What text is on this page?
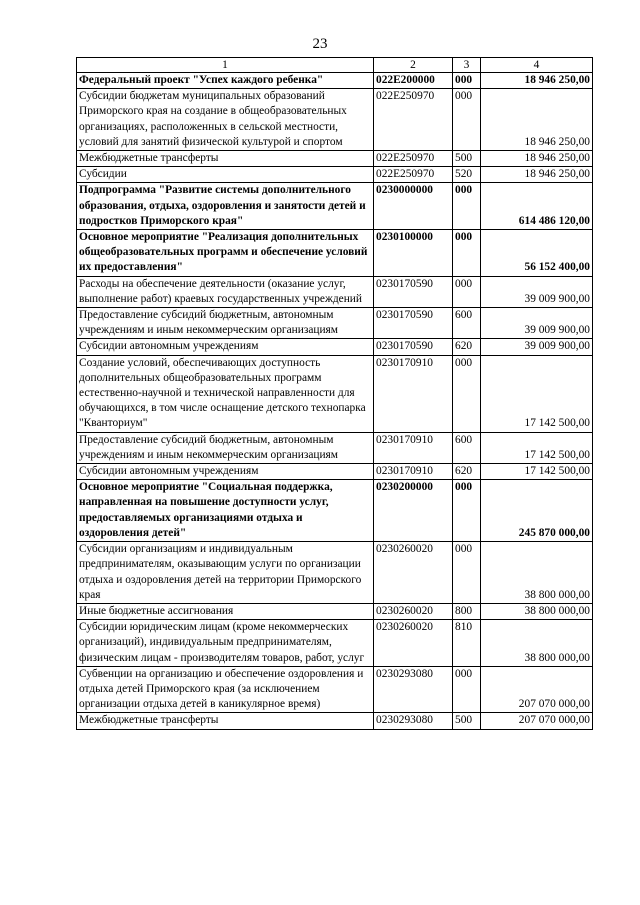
23
1	2	3	4
Федеральный проект "Успех каждого ребенка"	022E200000	000	18 946 250,00
Субсидии бюджетам муниципальных образований Приморского края на создание в общеобразовательных организациях, расположенных в сельской местности, условий для занятий физической культурой и спортом	022E250970	000	18 946 250,00
Межбюджетные трансферты	022E250970	500	18 946 250,00
Субсидии	022E250970	520	18 946 250,00
Подпрограмма "Развитие системы дополнительного образования, отдыха, оздоровления и занятости детей и подростков Приморского края"	0230000000	000	614 486 120,00
Основное мероприятие "Реализация дополнительных общеобразовательных программ и обеспечение условий их предоставления"	0230100000	000	56 152 400,00
Расходы на обеспечение деятельности (оказание услуг, выполнение работ) краевых государственных учреждений	0230170590	000	39 009 900,00
Предоставление субсидий бюджетным, автономным учреждениям и иным некоммерческим организациям	0230170590	600	39 009 900,00
Субсидии автономным учреждениям	0230170590	620	39 009 900,00
Создание условий, обеспечивающих доступность дополнительных общеобразовательных программ естественно-научной и технической направленности для обучающихся, в том числе оснащение детского технопарка "Кванториум"	0230170910	000	17 142 500,00
Предоставление субсидий бюджетным, автономным учреждениям и иным некоммерческим организациям	0230170910	600	17 142 500,00
Субсидии автономным учреждениям	0230170910	620	17 142 500,00
Основное мероприятие "Социальная поддержка, направленная на повышение доступности услуг, предоставляемых организациями отдыха и оздоровления детей"	0230200000	000	245 870 000,00
Субсидии организациям и индивидуальным предпринимателям, оказывающим услуги по организации отдыха и оздоровления детей на территории Приморского края	0230260020	000	38 800 000,00
Иные бюджетные ассигнования	0230260020	800	38 800 000,00
Субсидии юридическим лицам (кроме некоммерческих организаций), индивидуальным предпринимателям, физическим лицам - производителям товаров, работ, услуг	0230260020	810	38 800 000,00
Субвенции на организацию и обеспечение оздоровления и отдыха детей Приморского края (за исключением организации отдыха детей в каникулярное время)	0230293080	000	207 070 000,00
Межбюджетные трансферты	0230293080	500	207 070 000,00
